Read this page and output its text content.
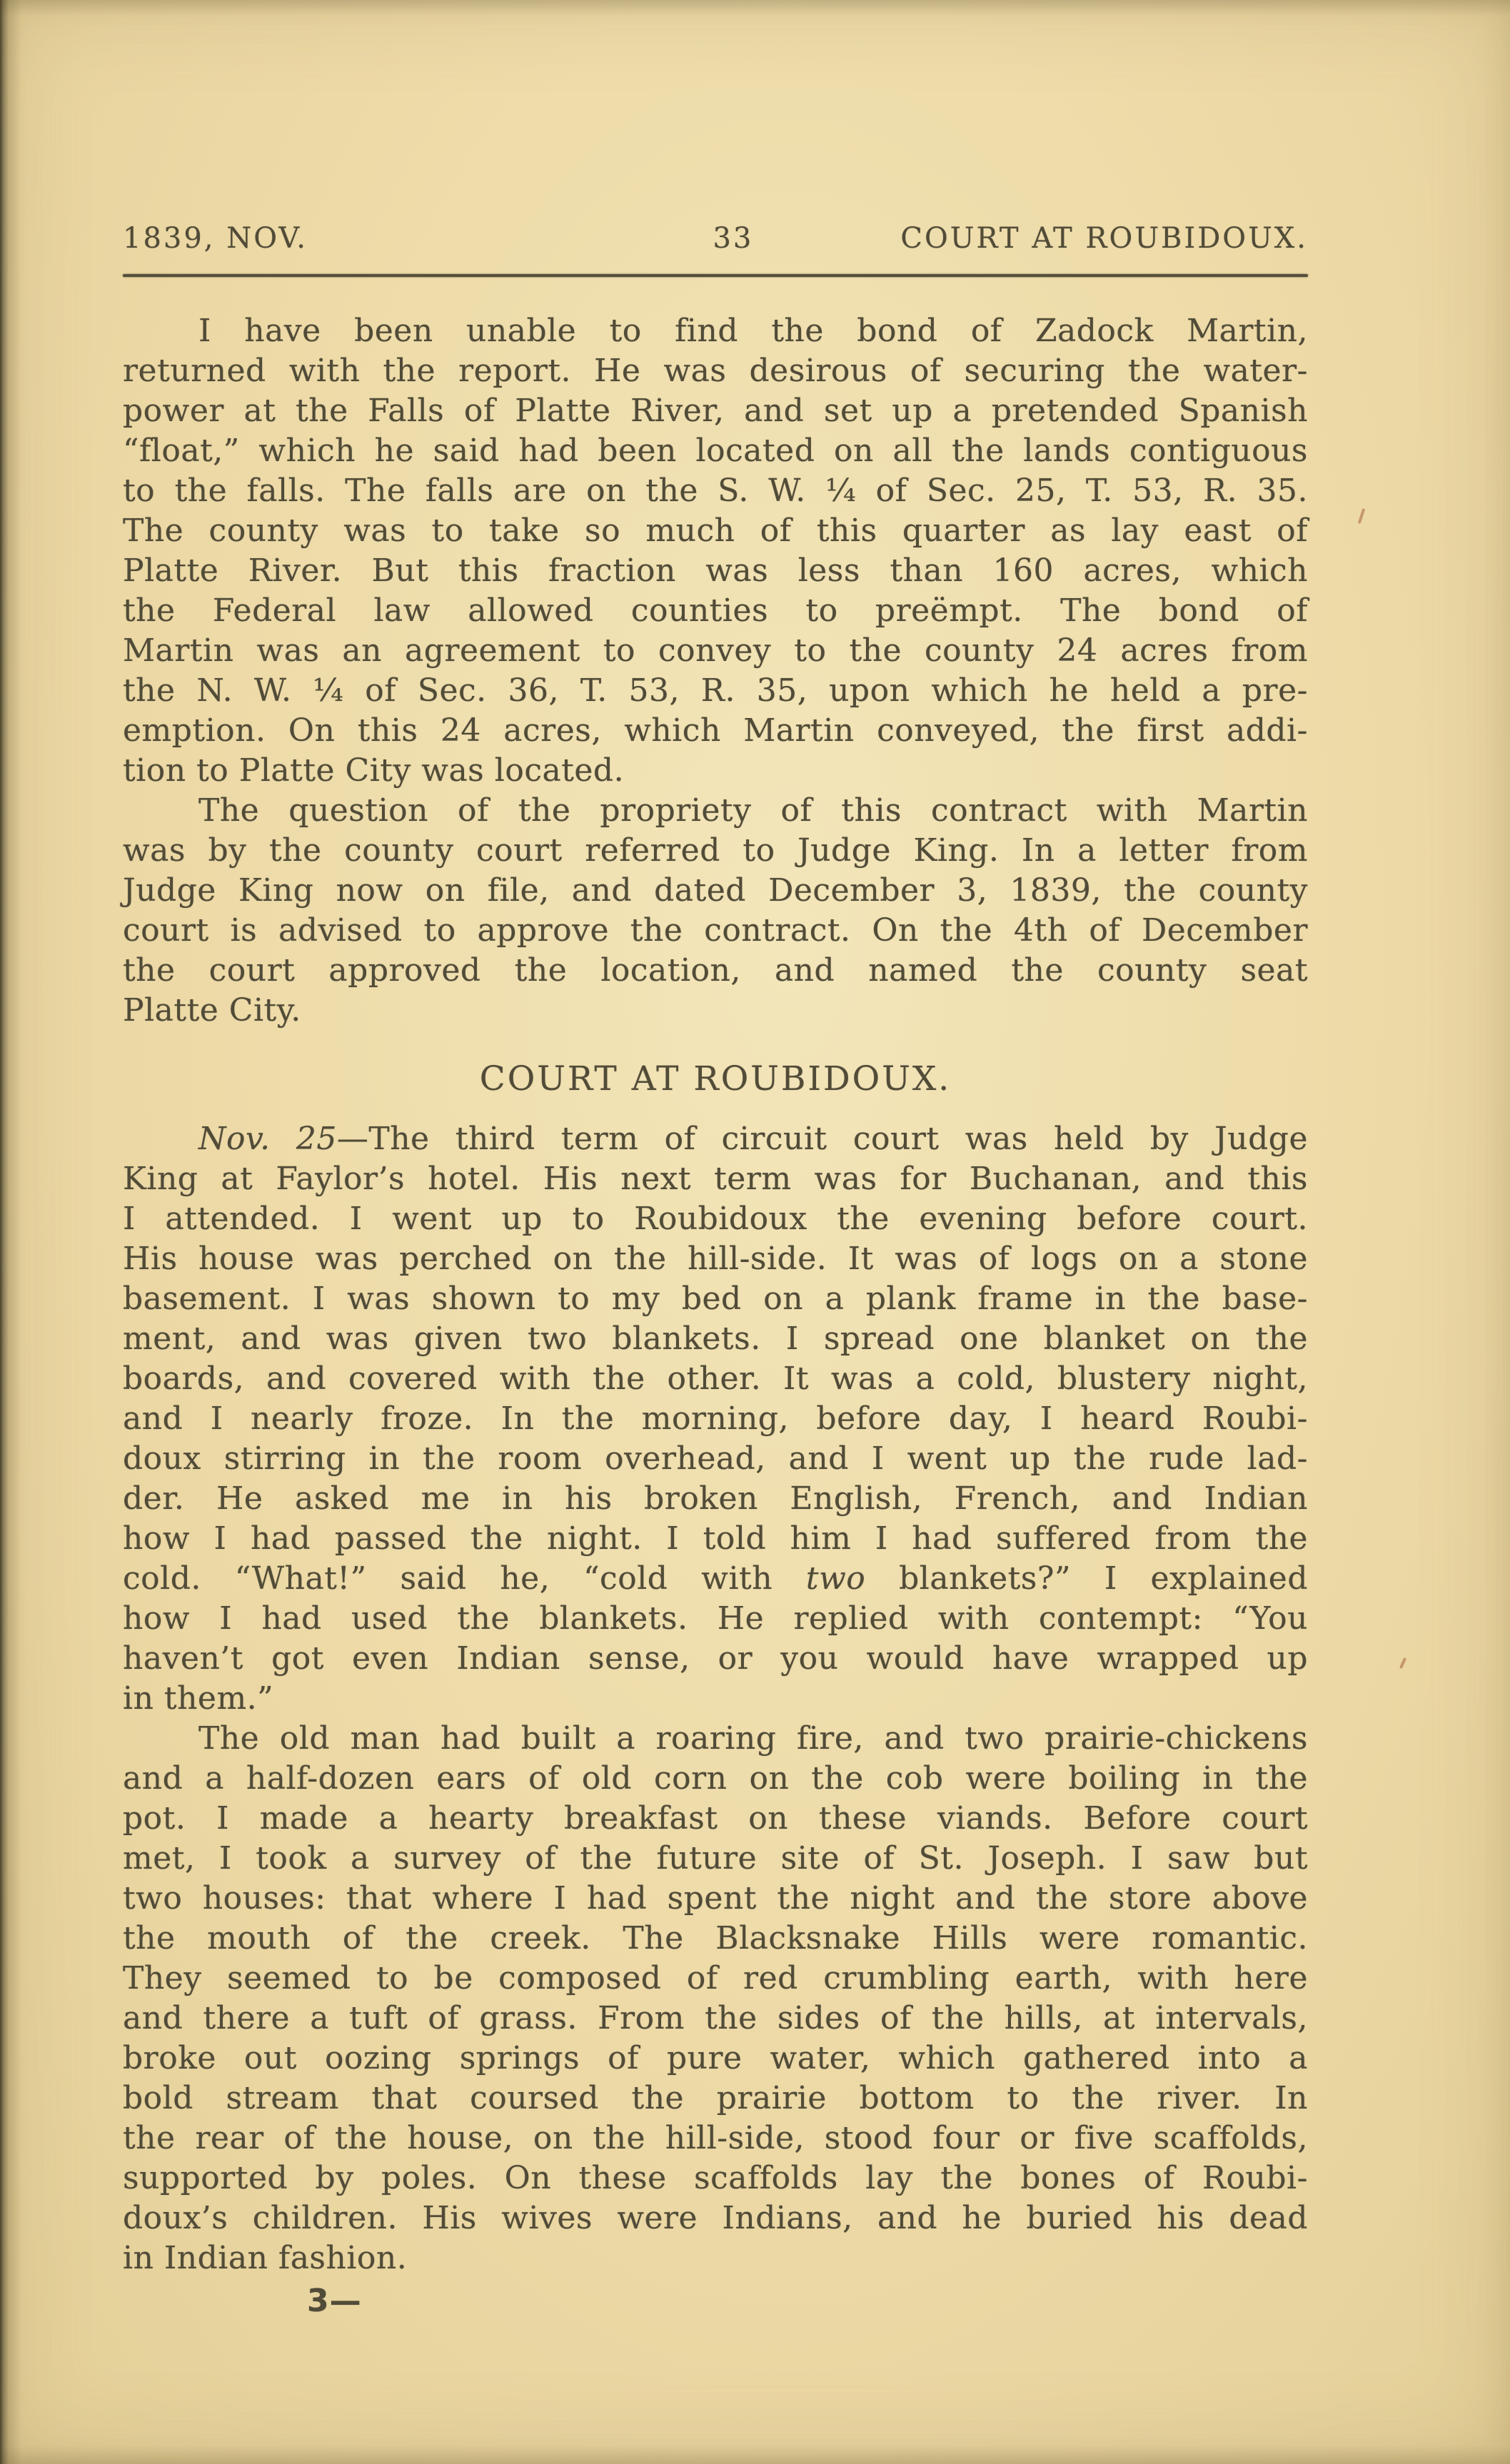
1839, NOV.	33	COURT AT ROUBIDOUX.
I have been unable to find the bond of Zadock Martin,
returned with the report. He was desirous of securing the water-
power at the Falls of Platte River, and set up a pretended Spanish
“float,” which he said had been located on all the lands contiguous
to the falls. The falls are on the S. W. ¼ of Sec. 25, T. 53, R. 35.
The county was to take so much of this quarter as lay east of
Platte River. But this fraction was less than 160 acres, which
the Federal law allowed counties to preëmpt. The bond of
Martin was an agreement to convey to the county 24 acres from
the N. W. ¼ of Sec. 36, T. 53, R. 35, upon which he held a pre-
emption. On this 24 acres, which Martin conveyed, the first addi-
tion to Platte City was located.
The question of the propriety of this contract with Martin
was by the county court referred to Judge King. In a letter from
Judge King now on file, and dated December 3, 1839, the county
court is advised to approve the contract. On the 4th of December
the court approved the location, and named the county seat
Platte City.
COURT AT ROUBIDOUX.
Nov. 25—The third term of circuit court was held by Judge
King at Faylor’s hotel. His next term was for Buchanan, and this
I attended. I went up to Roubidoux the evening before court.
His house was perched on the hill-side. It was of logs on a stone
basement. I was shown to my bed on a plank frame in the base-
ment, and was given two blankets. I spread one blanket on the
boards, and covered with the other. It was a cold, blustery night,
and I nearly froze. In the morning, before day, I heard Roubi-
doux stirring in the room overhead, and I went up the rude lad-
der. He asked me in his broken English, French, and Indian
how I had passed the night. I told him I had suffered from the
cold. “What!” said he, “cold with two blankets?” I explained
how I had used the blankets. He replied with contempt: “You
haven’t got even Indian sense, or you would have wrapped up
in them.”
The old man had built a roaring fire, and two prairie-chickens
and a half-dozen ears of old corn on the cob were boiling in the
pot. I made a hearty breakfast on these viands. Before court
met, I took a survey of the future site of St. Joseph. I saw but
two houses: that where I had spent the night and the store above
the mouth of the creek. The Blacksnake Hills were romantic.
They seemed to be composed of red crumbling earth, with here
and there a tuft of grass. From the sides of the hills, at intervals,
broke out oozing springs of pure water, which gathered into a
bold stream that coursed the prairie bottom to the river. In
the rear of the house, on the hill-side, stood four or five scaffolds,
supported by poles. On these scaffolds lay the bones of Roubi-
doux’s children. His wives were Indians, and he buried his dead
in Indian fashion.
3—
